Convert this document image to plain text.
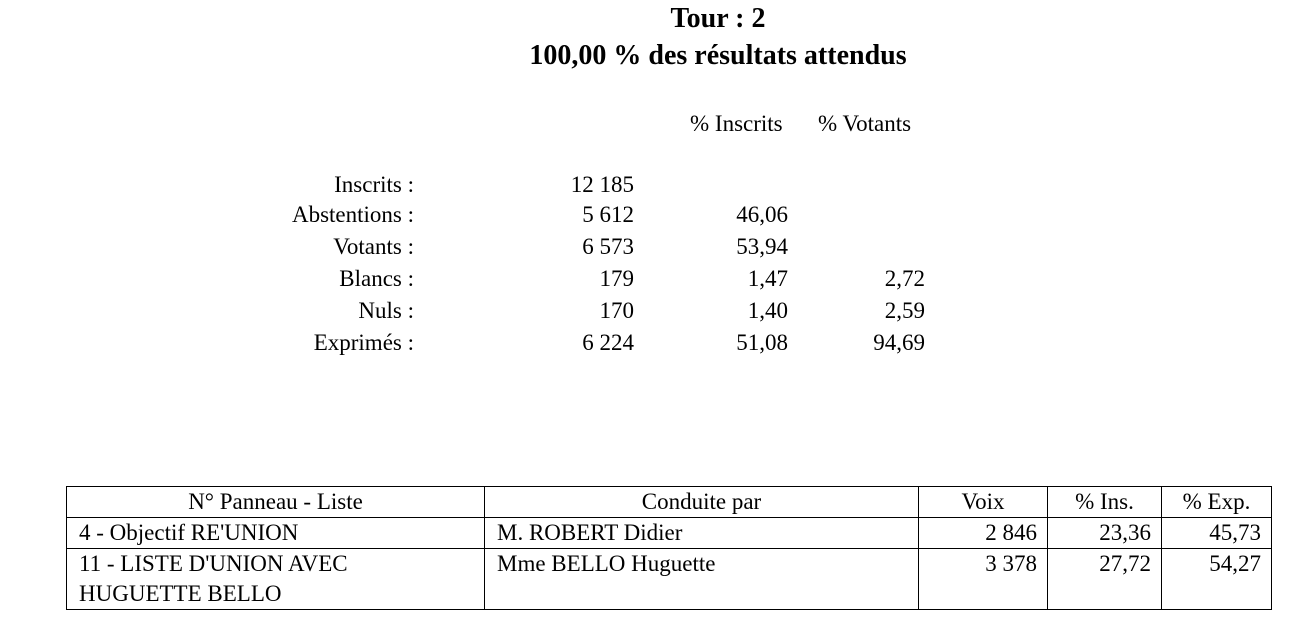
Tour : 2
100,00 % des résultats attendus
% Inscrits % Votants
Inscrits :	12 185
Abstentions :	5 612	46,06
Votants :	6 573	53,94
Blancs :	179	1,47	2,72
Nuls :	170	1,40	2,59
Exprimés :	6 224	51,08	94,69
N° Panneau - Liste	Conduite par	Voix	% Ins.	% Exp.
4 - Objectif RE'UNION	M. ROBERT Didier	2 846	23,36	45,73
11 - LISTE D'UNION AVEC HUGUETTE BELLO	Mme BELLO Huguette	3 378	27,72	54,27
